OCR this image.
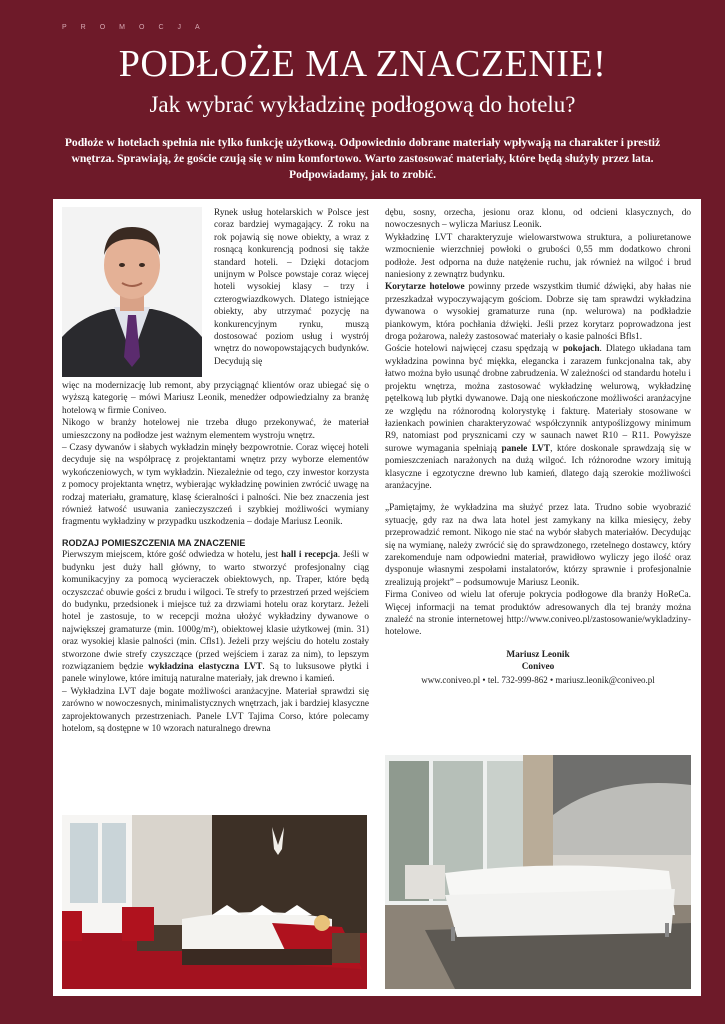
PROMOCJA
PODŁOŻE MA ZNACZENIE!
Jak wybrać wykładzinę podłogową do hotelu?
Podłoże w hotelach spełnia nie tylko funkcję użytkową. Odpowiednio dobrane materiały wpływają na charakter i prestiż wnętrza. Sprawiają, że goście czują się w nim komfortowo. Warto zastosować materiały, które będą służyły przez lata. Podpowiadamy, jak to zrobić.

Rynek usług hotelarskich w Polsce jest coraz bardziej wymagający. Z roku na rok pojawią się nowe obiekty, a wraz z rosnącą konkurencją podnosi się także standard hoteli. – Dzięki dotacjom unijnym w Polsce powstaje coraz więcej hoteli wysokiej klasy – trzy i czterogwiazdkowych. Dlatego istniejące obiekty, aby utrzymać pozycję na konkurencyjnym rynku, muszą dostosować poziom usług i wystrój wnętrz do nowopowstających budynków. Decydują się

więc na modernizację lub remont, aby przyciągnąć klientów oraz ubiegać się o wyższą kategorię – mówi Mariusz Leonik, menedżer odpowiedzialny za branżę hotelową w firmie Coniveo.

Nikogo w branży hotelowej nie trzeba długo przekonywać, że materiał umieszczony na podłodze jest ważnym elementem wystroju wnętrz.

– Czasy dywanów i słabych wykładzin minęły bezpowrotnie. Coraz więcej hoteli decyduje się na współpracę z projektantami wnętrz przy wyborze elementów wykończeniowych, w tym wykładzin. Niezależnie od tego, czy inwestor korzysta z pomocy projektanta wnętrz, wybierając wykładzinę powinien zwrócić uwagę na rodzaj materiału, gramaturę, klasę ścieralności i palności. Nie bez znaczenia jest również łatwość usuwania zanieczyszczeń i szybkiej możliwości wymiany fragmentu wykładziny w przypadku uszkodzenia – dodaje Mariusz Leonik.

RODZAJ POMIESZCZENIA MA ZNACZENIE

Pierwszym miejscem, które gość odwiedza w hotelu, jest hall i recepcja. Jeśli w budynku jest duży hall główny, to warto stworzyć profesjonalny ciąg komunikacyjny za pomocą wycieraczek obiektowych, np. Traper, które będą oczyszczać obuwie gości z brudu i wilgoci. Te strefy to przestrzeń przed wejściem do budynku, przedsionek i miejsce tuż za drzwiami hotelu oraz korytarz. Jeżeli hotel je zastosuje, to w recepcji można ułożyć wykładziny dywanowe o największej gramaturze (min. 1000g/m²), obiektowej klasie użytkowej (min. 31) oraz wysokiej klasie palności (min. Cfls1). Jeżeli przy wejściu do hotelu zostały stworzone dwie strefy czyszczące (przed wejściem i zaraz za nim), to lepszym rozwiązaniem będzie wykładzina elastyczna LVT. Są to luksusowe płytki i panele winylowe, które imitują naturalne materiały, jak drewno i kamień.

– Wykładzina LVT daje bogate możliwości aranżacyjne. Materiał sprawdzi się zarówno w nowoczesnych, minimalistycznych wnętrzach, jak i bardziej klasyczne zaprojektowanych przestrzeniach. Panele LVT Tajima Corso, które polecamy hotelom, są dostępne w 10 wzorach naturalnego drewna

dębu, sosny, orzecha, jesionu oraz klonu, od odcieni klasycznych, do nowoczesnych – wylicza Mariusz Leonik.

Wykładzinę LVT charakteryzuje wielowarstwowa struktura, a poliuretanowe wzmocnienie wierzchniej powłoki o grubości 0,55 mm dodatkowo chroni podłoże. Jest odporna na duże natężenie ruchu, jak również na wilgoć i brud naniesiony z zewnątrz budynku.

Korytarze hotelowe powinny przede wszystkim tłumić dźwięki, aby hałas nie przeszkadzał wypoczywającym gościom. Dobrze się tam sprawdzi wykładzina dywanowa o wysokiej gramaturze runa (np. welurowa) na podkładzie piankowym, która pochłania dźwięki. Jeśli przez korytarz poprowadzona jest droga pożarowa, należy zastosować materiały o kasie palności Bfls1.

Goście hotelowi najwięcej czasu spędzają w pokojach. Dlatego układana tam wykładzina powinna być miękka, elegancka i zarazem funkcjonalna tak, aby łatwo można było usunąć drobne zabrudzenia. W zależności od standardu hotelu i projektu wnętrza, można zastosować wykładzinę welurową, wykładzinę pętelkową lub płytki dywanowe. Dają one nieskończone możliwości aranżacyjne ze względu na różnorodną kolorystykę i fakturę. Materiały stosowane w łazienkach powinien charakteryzować współczynnik antypoślizgowy minimum R9, natomiast pod prysznicami czy w saunach nawet R10 – R11. Powyższe surowe wymagania spełniają panele LVT, które doskonale sprawdzają się w pomieszczeniach narażonych na dużą wilgoć. Ich różnorodne wzory imitują klasyczne i egzotyczne drewno lub kamień, dlatego dają szerokie możliwości aranżacyjne.

„Pamiętajmy, że wykładzina ma służyć przez lata. Trudno sobie wyobrazić sytuację, gdy raz na dwa lata hotel jest zamykany na kilka miesięcy, żeby przeprowadzić remont. Nikogo nie stać na wybór słabych materiałów. Decydując się na wymianę, należy zwrócić się do sprawdzonego, rzetelnego dostawcy, który zarekomenduje nam odpowiedni materiał, prawidłowo wyliczy jego ilość oraz dysponuje własnymi zespołami instalatorów, którzy sprawnie i profesjonalnie zrealizują projekt” – podsumowuje Mariusz Leonik.

Firma Coniveo od wielu lat oferuje pokrycia podłogowe dla branży HoReCa. Więcej informacji na temat produktów adresowanych dla tej branży można znaleźć na stronie internetowej http://www.coniveo.pl/zastosowanie/wykladziny-hotelowe.

Mariusz Leonik

Coniveo

www.coniveo.pl • tel. 732-999-862 • mariusz.leonik@coniveo.pl
